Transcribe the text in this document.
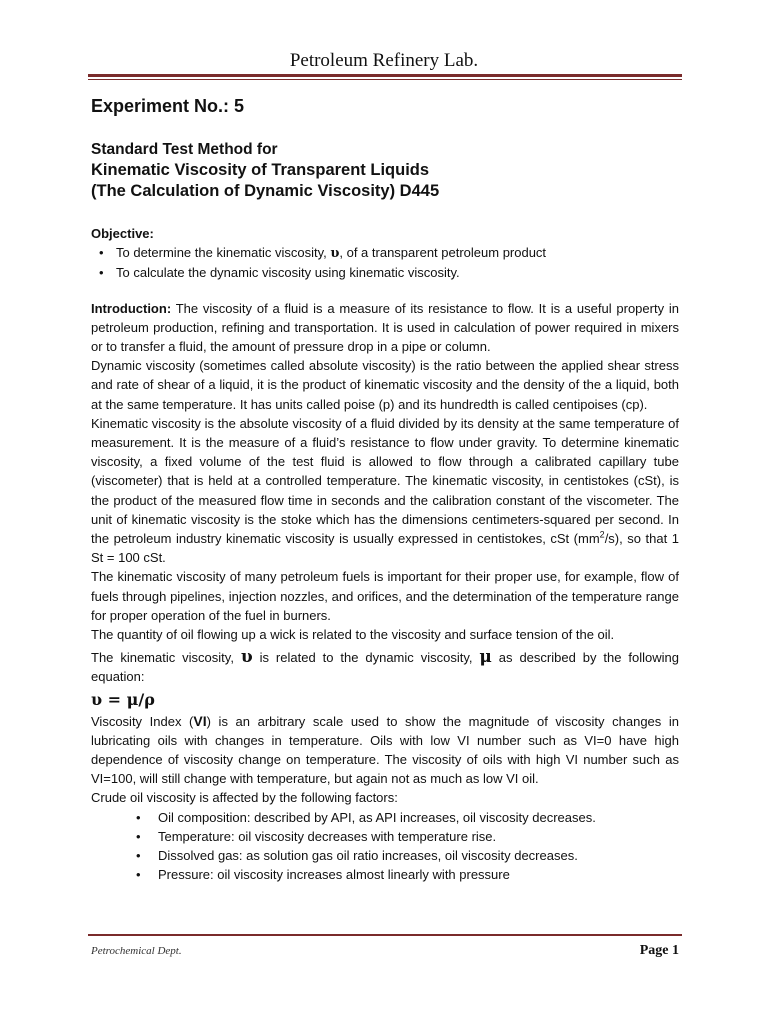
Petroleum Refinery Lab.
Experiment No.: 5
Standard Test Method for
Kinematic Viscosity of Transparent Liquids
(The Calculation of Dynamic Viscosity) D445
Objective:
• To determine the kinematic viscosity, υ, of a transparent petroleum product
• To calculate the dynamic viscosity using kinematic viscosity.

Introduction: The viscosity of a fluid is a measure of its resistance to flow. It is a useful property in petroleum production, refining and transportation. It is used in calculation of power required in mixers or to transfer a fluid, the amount of pressure drop in a pipe or column.

Dynamic viscosity (sometimes called absolute viscosity) is the ratio between the applied shear stress and rate of shear of a liquid, it is the product of kinematic viscosity and the density of the a liquid, both at the same temperature. It has units called poise (p) and its hundredth is called centipoises (cp).

Kinematic viscosity is the absolute viscosity of a fluid divided by its density at the same temperature of measurement. It is the measure of a fluid’s resistance to flow under gravity. To determine kinematic viscosity, a fixed volume of the test fluid is allowed to flow through a calibrated capillary tube (viscometer) that is held at a controlled temperature. The kinematic viscosity, in centistokes (cSt), is the product of the measured flow time in seconds and the calibration constant of the viscometer. The unit of kinematic viscosity is the stoke which has the dimensions centimeters-squared per second. In the petroleum industry kinematic viscosity is usually expressed in centistokes, cSt $(mm^2/s)$, so that 1 St = 100 cSt.

The kinematic viscosity of many petroleum fuels is important for their proper use, for example, flow of fuels through pipelines, injection nozzles, and orifices, and the determination of the temperature range for proper operation of the fuel in burners.

The quantity of oil flowing up a wick is related to the viscosity and surface tension of the oil.

The kinematic viscosity, υ is related to the dynamic viscosity, μ as described by the following equation:

υ = μ/ρ

Viscosity Index (VI) is an arbitrary scale used to show the magnitude of viscosity changes in lubricating oils with changes in temperature. Oils with low VI number such as VI=0 have high dependence of viscosity change on temperature. The viscosity of oils with high VI number such as VI=100, will still change with temperature, but again not as much as low VI oil.

Crude oil viscosity is affected by the following factors:

• Oil composition: described by API, as API increases, oil viscosity decreases.
• Temperature: oil viscosity decreases with temperature rise.
• Dissolved gas: as solution gas oil ratio increases, oil viscosity decreases.
• Pressure: oil viscosity increases almost linearly with pressure
Petrochemical Dept.	Page 1
